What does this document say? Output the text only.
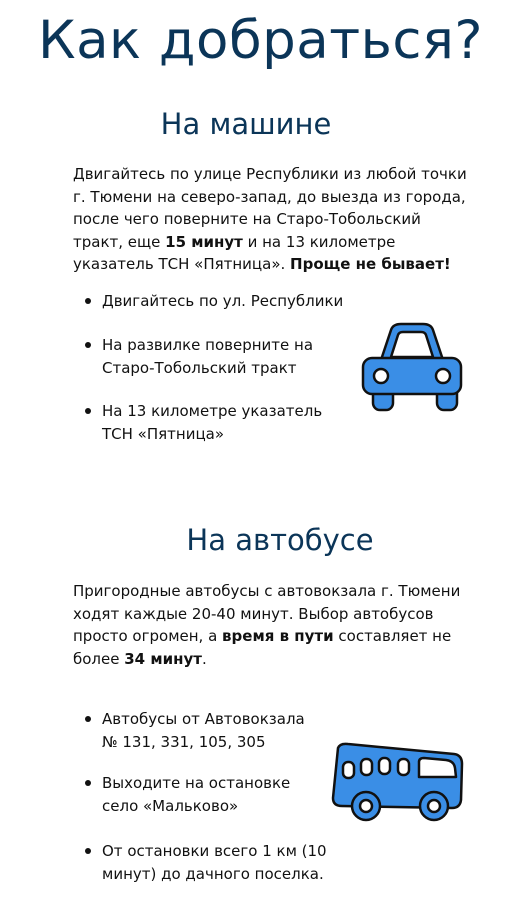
Как добраться?
На машине

Двигайтесь по улице Республики из любой точки г. Тюмени на северо-запад, до выезда из города, после чего поверните на Старо-Тобольский тракт, еще 15 минут и на 13 километре указатель ТСН «Пятница». Проще не бывает!

Двигайтесь по ул. Республики
На развилке поверните на Старо-Тобольский тракт
На 13 километре указатель ТСН «Пятница»
На автобусе

Пригородные автобусы с автовокзала г. Тюмени ходят каждые 20-40 минут. Выбор автобусов просто огромен, а время в пути составляет не более 34 минут.

Автобусы от Автовокзала № 131, 331, 105, 305
Выходите на остановке село «Мальково»
От остановки всего 1 км (10 минут) до дачного поселка.
